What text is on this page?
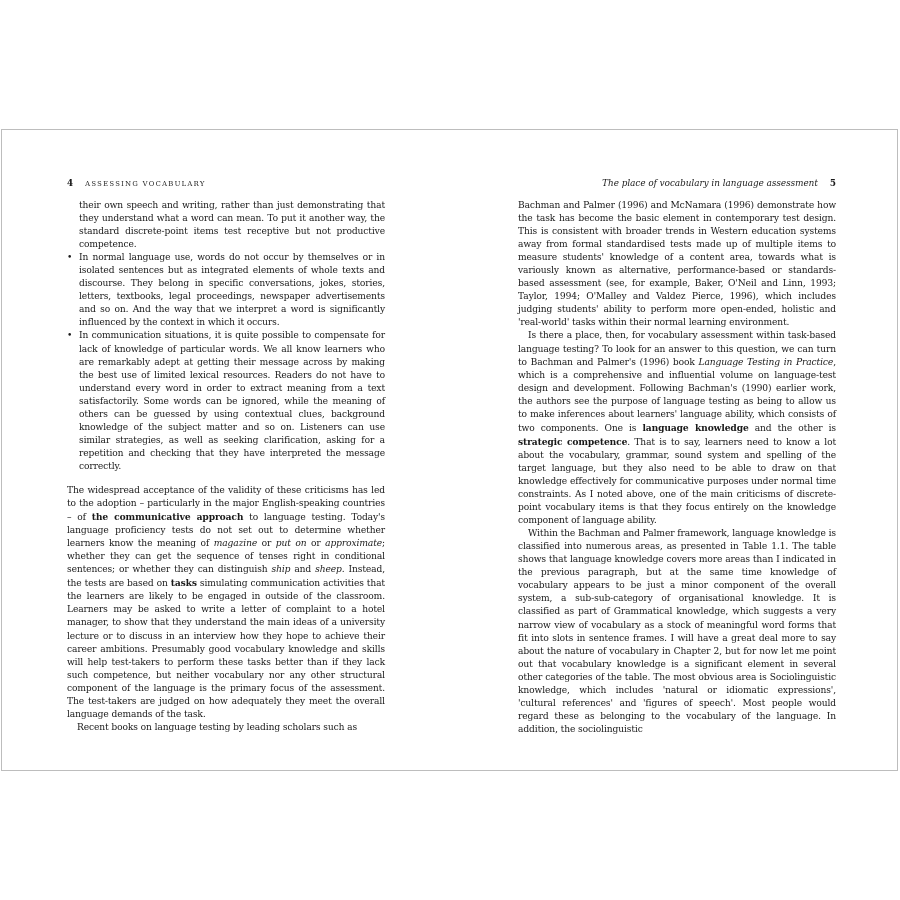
4 ASSESSING VOCABULARY

their own speech and writing, rather than just demonstrating that they understand what a word can mean. To put it another way, the standard discrete-point items test receptive but not productive competence.

• In normal language use, words do not occur by themselves or in isolated sentences but as integrated elements of whole texts and discourse. They belong in specific conversations, jokes, stories, letters, textbooks, legal proceedings, newspaper advertisements and so on. And the way that we interpret a word is significantly influenced by the context in which it occurs.

• In communication situations, it is quite possible to compensate for lack of knowledge of particular words. We all know learners who are remarkably adept at getting their message across by making the best use of limited lexical resources. Readers do not have to understand every word in order to extract meaning from a text satisfactorily. Some words can be ignored, while the meaning of others can be guessed by using contextual clues, background knowledge of the subject matter and so on. Listeners can use similar strategies, as well as seeking clarification, asking for a repetition and checking that they have interpreted the message correctly.

The widespread acceptance of the validity of these criticisms has led to the adoption – particularly in the major English-speaking countries – of the communicative approach to language testing. Today's language proficiency tests do not set out to determine whether learners know the meaning of magazine or put on or approximate; whether they can get the sequence of tenses right in conditional sentences; or whether they can distinguish ship and sheep. Instead, the tests are based on tasks simulating communication activities that the learners are likely to be engaged in outside of the classroom. Learners may be asked to write a letter of complaint to a hotel manager, to show that they understand the main ideas of a university lecture or to discuss in an interview how they hope to achieve their career ambitions. Presumably good vocabulary knowledge and skills will help test-takers to perform these tasks better than if they lack such competence, but neither vocabulary nor any other structural component of the language is the primary focus of the assessment. The test-takers are judged on how adequately they meet the overall language demands of the task.

Recent books on language testing by leading scholars such as

The place of vocabulary in language assessment 5

Bachman and Palmer (1996) and McNamara (1996) demonstrate how the task has become the basic element in contemporary test design. This is consistent with broader trends in Western education systems away from formal standardised tests made up of multiple items to measure students' knowledge of a content area, towards what is variously known as alternative, performance-based or standards-based assessment (see, for example, Baker, O'Neil and Linn, 1993; Taylor, 1994; O'Malley and Valdez Pierce, 1996), which includes judging students' ability to perform more open-ended, holistic and 'real-world' tasks within their normal learning environment.

Is there a place, then, for vocabulary assessment within task-based language testing? To look for an answer to this question, we can turn to Bachman and Palmer's (1996) book Language Testing in Practice, which is a comprehensive and influential volume on language-test design and development. Following Bachman's (1990) earlier work, the authors see the purpose of language testing as being to allow us to make inferences about learners' language ability, which consists of two components. One is language knowledge and the other is strategic competence. That is to say, learners need to know a lot about the vocabulary, grammar, sound system and spelling of the target language, but they also need to be able to draw on that knowledge effectively for communicative purposes under normal time constraints. As I noted above, one of the main criticisms of discrete-point vocabulary items is that they focus entirely on the knowledge component of language ability.

Within the Bachman and Palmer framework, language knowledge is classified into numerous areas, as presented in Table 1.1. The table shows that language knowledge covers more areas than I indicated in the previous paragraph, but at the same time knowledge of vocabulary appears to be just a minor component of the overall system, a sub-sub-category of organisational knowledge. It is classified as part of Grammatical knowledge, which suggests a very narrow view of vocabulary as a stock of meaningful word forms that fit into slots in sentence frames. I will have a great deal more to say about the nature of vocabulary in Chapter 2, but for now let me point out that vocabulary knowledge is a significant element in several other categories of the table. The most obvious area is Sociolinguistic knowledge, which includes 'natural or idiomatic expressions', 'cultural references' and 'figures of speech'. Most people would regard these as belonging to the vocabulary of the language. In addition, the sociolinguistic
